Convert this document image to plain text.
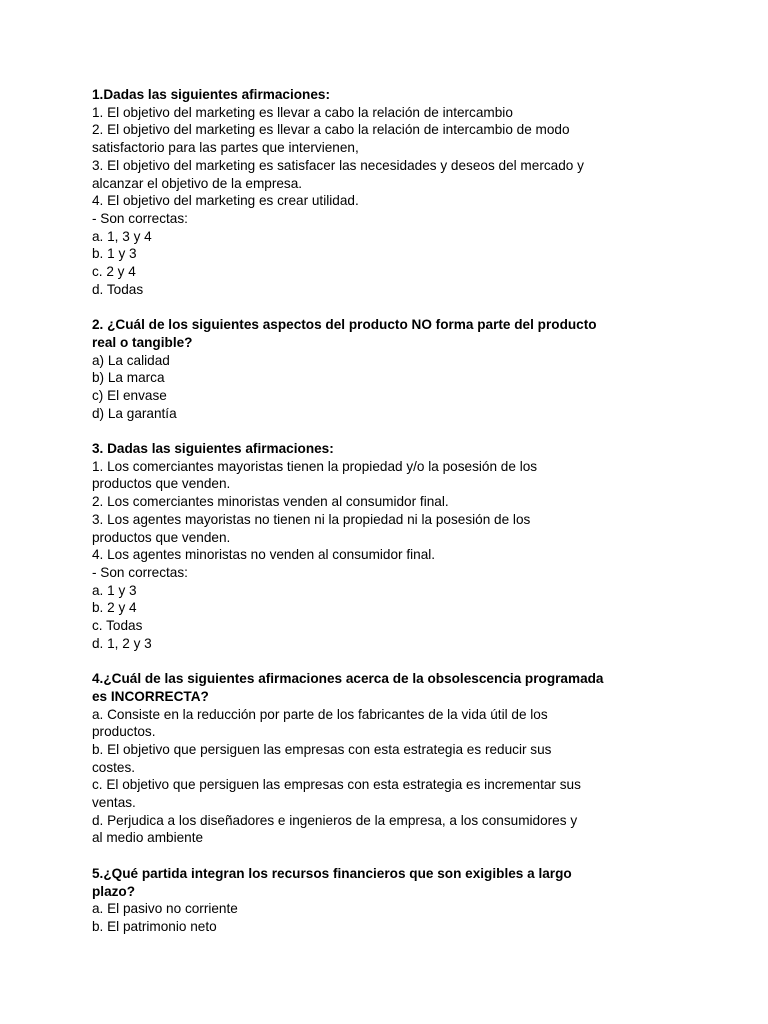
1.Dadas las siguientes afirmaciones:

1. El objetivo del marketing es llevar a cabo la relación de intercambio

2. El objetivo del marketing es llevar a cabo la relación de intercambio de modo

satisfactorio para las partes que intervienen,

3. El objetivo del marketing es satisfacer las necesidades y deseos del mercado y

alcanzar el objetivo de la empresa.

4. El objetivo del marketing es crear utilidad.

- Son correctas:

a. 1, 3 y 4

b. 1 y 3

c. 2 y 4

d. Todas

2. ¿Cuál de los siguientes aspectos del producto NO forma parte del producto

real o tangible?

a) La calidad

b) La marca

c) El envase

d) La garantía

3. Dadas las siguientes afirmaciones:

1. Los comerciantes mayoristas tienen la propiedad y/o la posesión de los

productos que venden.

2. Los comerciantes minoristas venden al consumidor final.

3. Los agentes mayoristas no tienen ni la propiedad ni la posesión de los

productos que venden.

4. Los agentes minoristas no venden al consumidor final.

- Son correctas:

a. 1 y 3

b. 2 y 4

c. Todas

d. 1, 2 y 3

4.¿Cuál de las siguientes afirmaciones acerca de la obsolescencia programada

es INCORRECTA?

a. Consiste en la reducción por parte de los fabricantes de la vida útil de los

productos.

b. El objetivo que persiguen las empresas con esta estrategia es reducir sus

costes.

c. El objetivo que persiguen las empresas con esta estrategia es incrementar sus

ventas.

d. Perjudica a los diseñadores e ingenieros de la empresa, a los consumidores y

al medio ambiente

5.¿Qué partida integran los recursos financieros que son exigibles a largo

plazo?

a. El pasivo no corriente

b. El patrimonio neto
